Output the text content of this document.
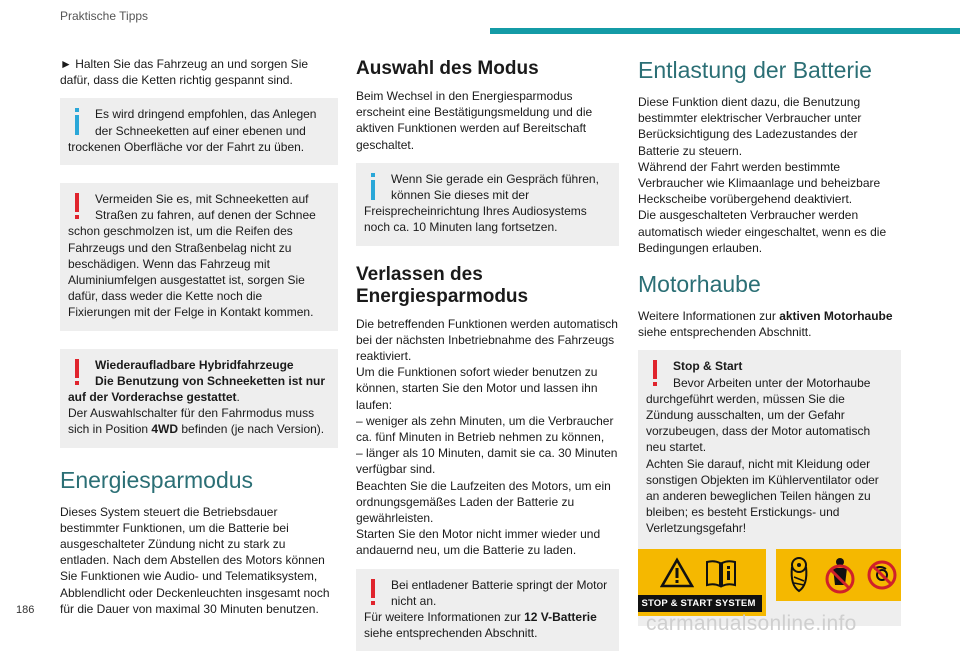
Praktische Tipps

► Halten Sie das Fahrzeug an und sorgen Sie dafür, dass die Ketten richtig gespannt sind.

Es wird dringend empfohlen, das Anlegen der Schneeketten auf einer ebenen und trockenen Oberfläche vor der Fahrt zu üben.

Vermeiden Sie es, mit Schneeketten auf Straßen zu fahren, auf denen der Schnee schon geschmolzen ist, um die Reifen des Fahrzeugs und den Straßenbelag nicht zu beschädigen. Wenn das Fahrzeug mit Aluminiumfelgen ausgestattet ist, sorgen Sie dafür, dass weder die Kette noch die Fixierungen mit der Felge in Kontakt kommen.

Wiederaufladbare Hybridfahrzeuge
Die Benutzung von Schneeketten ist nur auf der Vorderachse gestattet.
Der Auswahlschalter für den Fahrmodus muss sich in Position 4WD befinden (je nach Version).

Energiesparmodus

Dieses System steuert die Betriebsdauer bestimmter Funktionen, um die Batterie bei ausgeschalteter Zündung nicht zu stark zu entladen. Nach dem Abstellen des Motors können Sie Funktionen wie Audio- und Telematiksystem, Abblendlicht oder Deckenleuchten insgesamt noch für die Dauer von maximal 30 Minuten benutzen.

Auswahl des Modus

Beim Wechsel in den Energiesparmodus erscheint eine Bestätigungsmeldung und die aktiven Funktionen werden auf Bereitschaft geschaltet.

Wenn Sie gerade ein Gespräch führen, können Sie dieses mit der Freisprecheinrichtung Ihres Audiosystems noch ca. 10 Minuten lang fortsetzen.

Verlassen des Energiesparmodus

Die betreffenden Funktionen werden automatisch bei der nächsten Inbetriebnahme des Fahrzeugs reaktiviert.
Um die Funktionen sofort wieder benutzen zu können, starten Sie den Motor und lassen ihn laufen:
– weniger als zehn Minuten, um die Verbraucher ca. fünf Minuten in Betrieb nehmen zu können,
– länger als 10 Minuten, damit sie ca. 30 Minuten verfügbar sind.
Beachten Sie die Laufzeiten des Motors, um ein ordnungsgemäßes Laden der Batterie zu gewährleisten.
Starten Sie den Motor nicht immer wieder und andauernd neu, um die Batterie zu laden.

Bei entladener Batterie springt der Motor nicht an.
Für weitere Informationen zur 12 V-Batterie siehe entsprechenden Abschnitt.

Entlastung der Batterie

Diese Funktion dient dazu, die Benutzung bestimmter elektrischer Verbraucher unter Berücksichtigung des Ladezustandes der Batterie zu steuern.
Während der Fahrt werden bestimmte Verbraucher wie Klimaanlage und beheizbare Heckscheibe vorübergehend deaktiviert.
Die ausgeschalteten Verbraucher werden automatisch wieder eingeschaltet, wenn es die Bedingungen erlauben.

Motorhaube

Weitere Informationen zur aktiven Motorhaube siehe entsprechenden Abschnitt.

Stop & Start
Bevor Arbeiten unter der Motorhaube durchgeführt werden, müssen Sie die Zündung ausschalten, um der Gefahr vorzubeugen, dass der Motor automatisch neu startet.
Achten Sie darauf, nicht mit Kleidung oder sonstigen Objekten im Kühlerventilator oder an anderen beweglichen Teilen hängen zu bleiben; es besteht Erstickungs- und Verletzungsgefahr!

STOP & START SYSTEM
186
carmanualsonline.info
